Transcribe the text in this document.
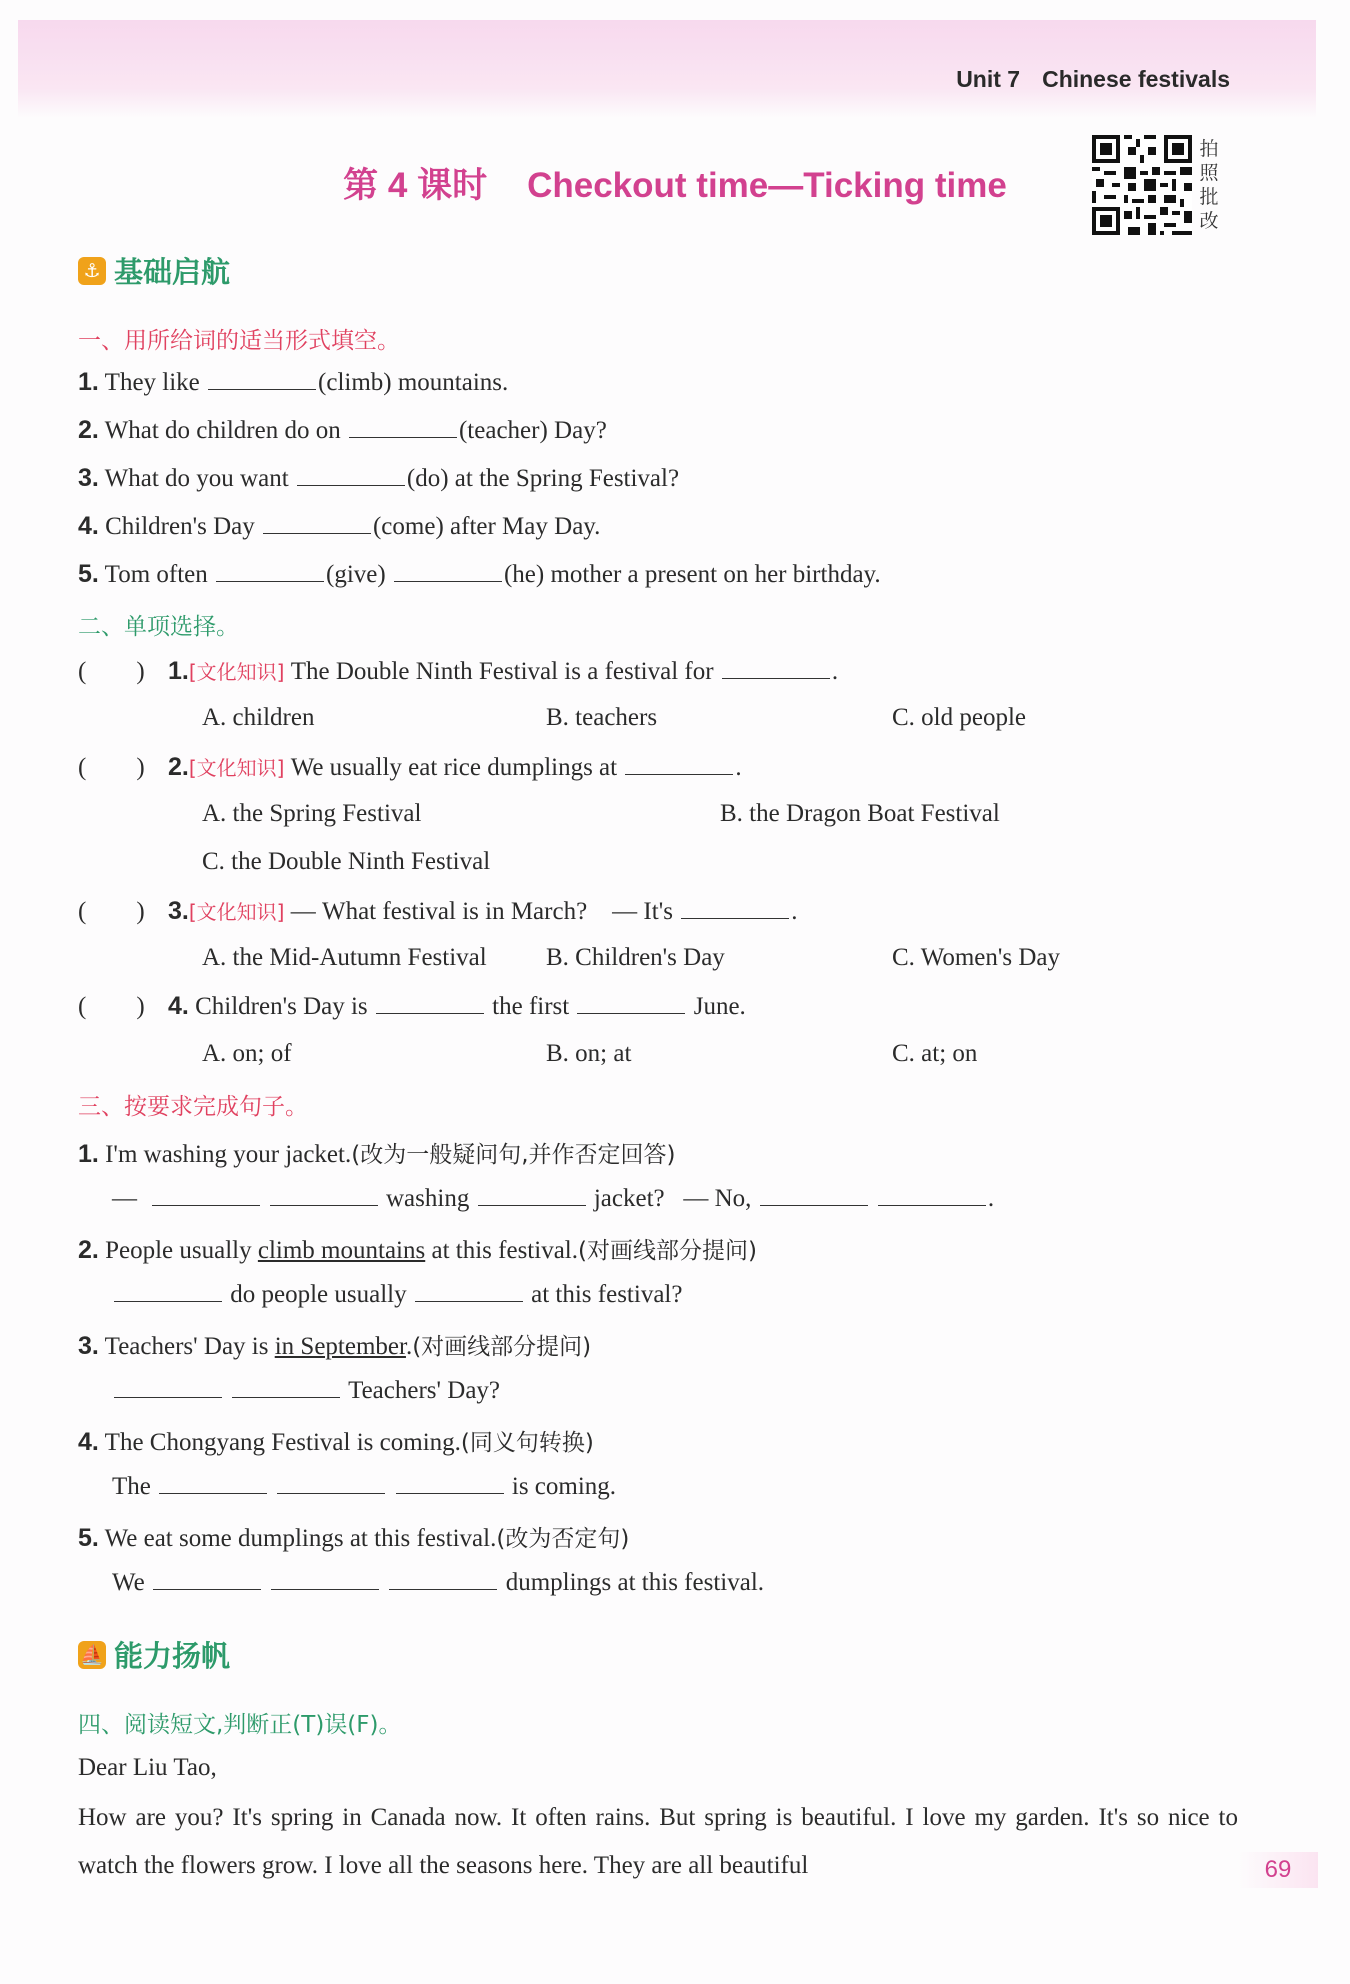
Unit 7 Chinese festivals
第 4 课时 Checkout time—Ticking time
拍
照
批
改
⚓ 基础启航
一、用所给词的适当形式填空。
1. They like	(climb) mountains.
2. What do children do on	(teacher) Day?
3. What do you want	(do) at the Spring Festival?
4. Children's Day	(come) after May Day.
5. Tom often	(give)	(he) mother a present on her birthday.
二、单项选择。
(        ) 1.[文化知识] The Double Ninth Festival is a festival for	.
A. children	B. teachers	C. old people
(        ) 2.[文化知识] We usually eat rice dumplings at	.
A. the Spring Festival	B. the Dragon Boat Festival
C. the Double Ninth Festival
(        ) 3.[文化知识] — What festival is in March? — It's	.
A. the Mid-Autumn Festival B. Children's Day	C. Women's Day
(        ) 4. Children's Day is	the first	June.
A. on; of	B. on; at	C. at; on
三、按要求完成句子。
1. I'm washing your jacket.(改为一般疑问句,并作否定回答)
—	washing	jacket? — No,	.
2. People usually climb mountains at this festival.(对画线部分提问)
do people usually	at this festival?
3. Teachers' Day is in September.(对画线部分提问)
Teachers' Day?
4. The Chongyang Festival is coming.(同义句转换)
The	is coming.
5. We eat some dumplings at this festival.(改为否定句)
We	dumplings at this festival.
⛵ 能力扬帆
四、阅读短文,判断正(T)误(F)。
Dear Liu Tao,
How are you? It's spring in Canada now. It often rains. But spring is beautiful. I love my garden. It's so nice to watch the flowers grow. I love all the seasons here. They are all beautiful	69
